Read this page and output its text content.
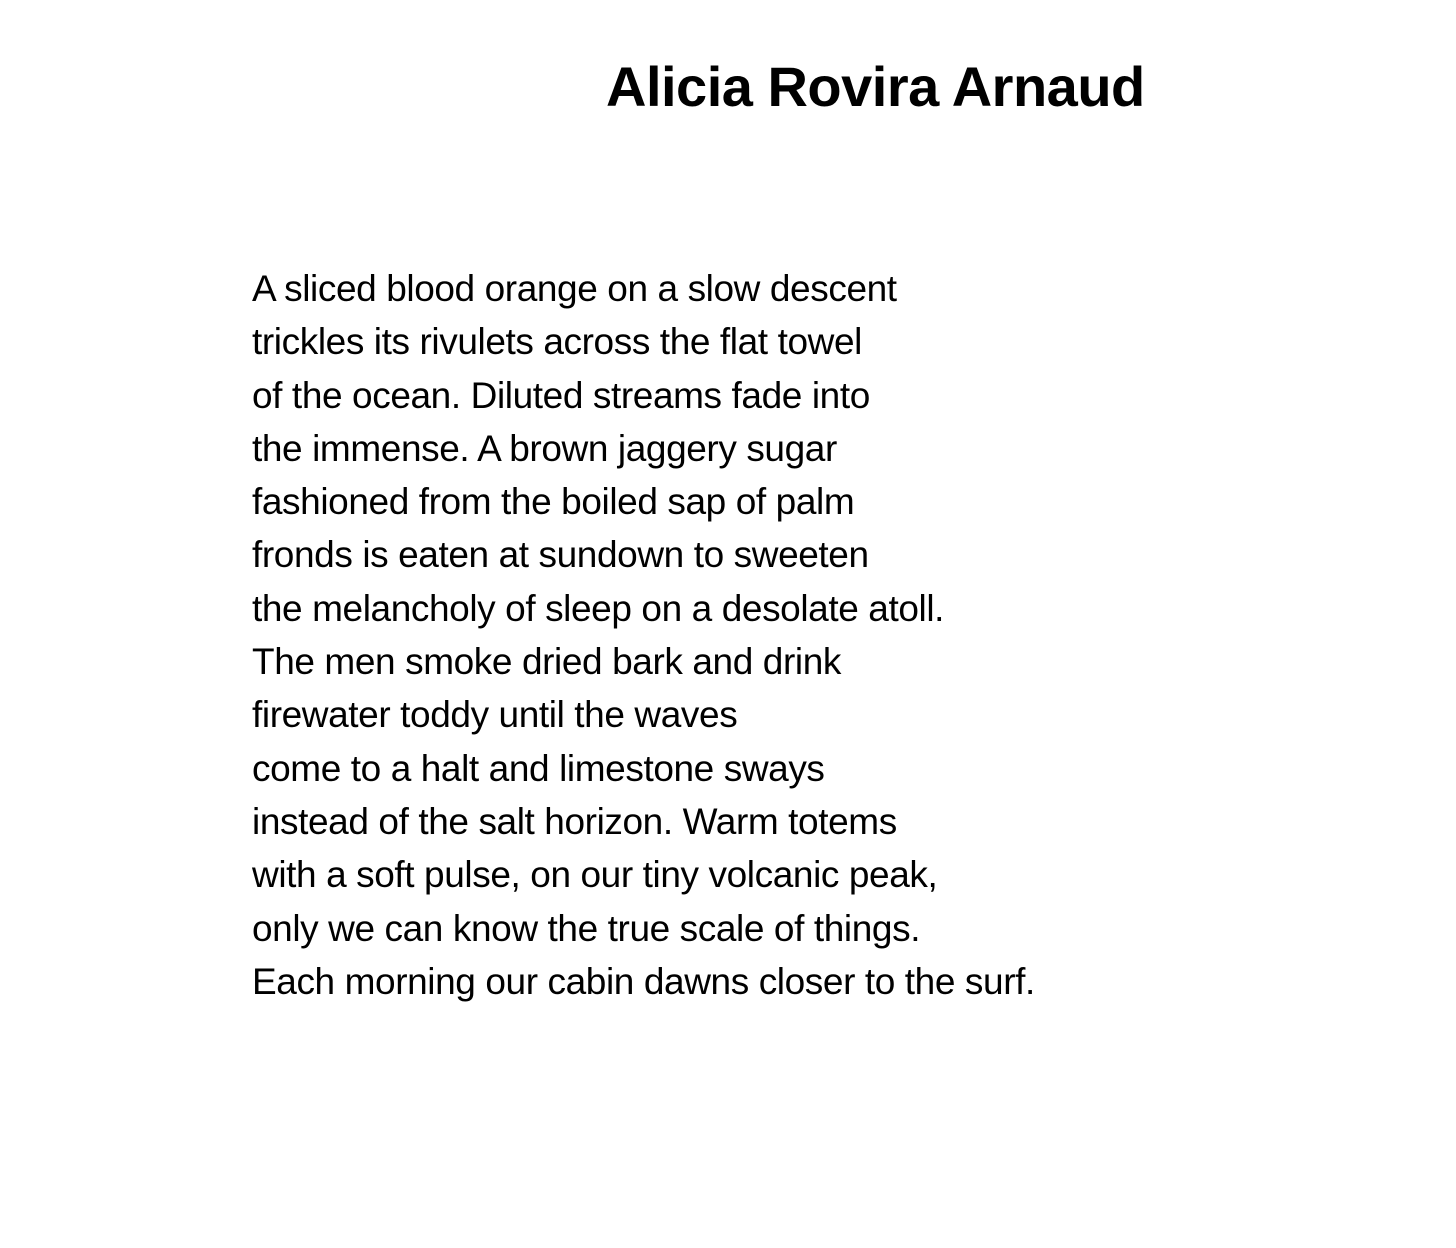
Alicia Rovira Arnaud
A sliced blood orange on a slow descent
trickles its rivulets across the flat towel
of the ocean. Diluted streams fade into
the immense. A brown jaggery sugar
fashioned from the boiled sap of palm
fronds is eaten at sundown to sweeten
the melancholy of sleep on a desolate atoll.
The men smoke dried bark and drink
firewater toddy until the waves
come to a halt and limestone sways
instead of the salt horizon. Warm totems
with a soft pulse, on our tiny volcanic peak,
only we can know the true scale of things.
Each morning our cabin dawns closer to the surf.
